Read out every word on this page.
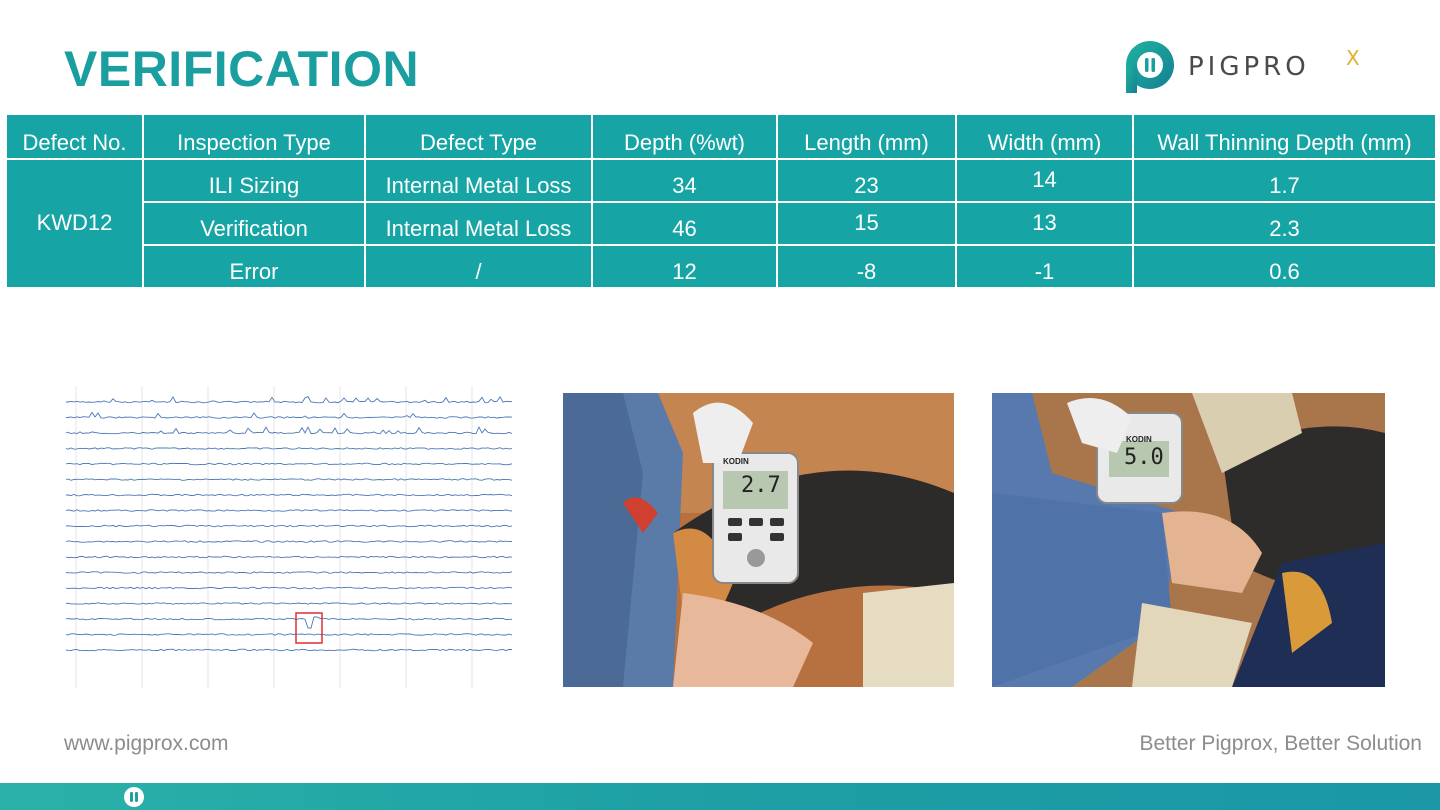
VERIFICATION	PIGPRO X
Defect No.	Inspection Type	Defect Type	Depth (%wt)	Length (mm)	Width (mm)	Wall Thinning Depth (mm)
KWD12	ILI Sizing	Internal Metal Loss	34	23	14	1.7
	Verification	Internal Metal Loss	46	15	13	2.3
	Error	/	12	-8	-1	0.6
KODIN
2.7
KODIN
5.0
www.pigprox.com	Better Pigprox, Better Solution
